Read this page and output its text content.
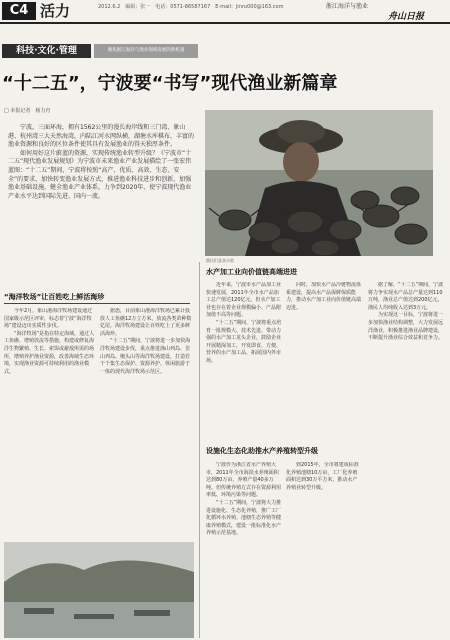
C4 活力	2012.6.2　编辑：张一　电话：0571-86587167　E-mail：jinru000@163.com	浙江海洋与渔业
舟山日报
科技·文化·管理	聚焦浙江海洋与渔业领域发展的新机遇
“十二五”，宁波要“书写”现代渔业新篇章
□ 本报记者　杨力舟

宁波，三面环海，拥有1562公里的漫长海岸线和三门湾、象山港、杭州湾三大天然海湾，内陆江河水网纵横，湖塘水库棋布，丰富的渔业资源和良好的区位条件使其具有发展渔业的得天独厚条件。

如何用好这片蔚蓝的资源，实现传统渔业转型升级？《宁波市“十二五”现代渔业发展规划》为宁波市未来渔业产业发展描绘了一张宏伟蓝图：“十二五”期间，宁波将按照“高产、优质、高效、生态、安全”的要求，加快转变渔业发展方式，推进渔业科技进步和创新，加强渔业基础设施，健全渔业产业体系，力争到2020年，使宁波现代渔业产业水平达到国际先进、国内一流。

渔民们喜获丰收
“海洋牧场”让百姓吃上鲜活海珍

今年2月，象山港海洋牧场建设通过国家级示范区评审，标志着宁波“海洋牧场”建设迈出实质性步伐。

“海洋牧场”是指在特定海域，通过人工鱼礁、增殖放流等措施，构建或修复海洋生物繁殖、生长、索饵或避敌所需的场所，增殖养护渔业资源，改善海域生态环境，实现渔业资源可持续利用的渔业模式。

据悉，目前象山港海洋牧场已累计投放人工鱼礁12万立方米，放流各类苗种数亿尾。海洋牧场建设让百姓吃上了更多鲜活海珍。

“十二五”期间，宁波将进一步加快海洋牧场建设步伐，重点推进渔山列岛、韭山列岛、檀头山等海洋牧场建设，打造若干个集生态保护、资源养护、休闲旅游于一体的现代海洋牧场示范区。

水产加工业向价值链高端进进

近年来，宁波市水产品加工业快速发展，2011年全市水产品加工总产值达120亿元。但水产加工业也存在着企业规模偏小、产品附加值不高等问题。

“十二五”期间，宁波将重点培育一批规模大、技术先进、带动力强的水产加工龙头企业，鼓励企业开展精深加工，开发即食、方便、营养的水产加工品，拓展国内外市场。

同时，加快水产品冷链物流体系建设，提高水产品保鲜保质能力，推动水产加工业向价值链高端迈进。

据了解，“十二五”期间，宁波将力争实现水产品总产量达到110万吨，渔业总产值达到200亿元，渔民人均纯收入达到3万元。

为实现这一目标，宁波将进一步加快渔业结构调整，大力发展远洋渔业，积极推进渔业品牌建设，不断提升渔业综合效益和竞争力。

设施化生态化助推水产养殖转型升级

宁波作为浙江省水产养殖大市，2011年全市海淡水养殖面积达到80万亩，养殖产量40多万吨。但传统养殖方式存在资源利用率低、环境污染等问题。

“十二五”期间，宁波将大力推进设施化、生态化养殖，推广工厂化循环水养殖、池塘生态养殖等健康养殖模式，建设一批标准化水产养殖示范基地。

到2015年，全市将建成标准化养殖池塘10万亩，工厂化养殖面积达到30万平方米，推动水产养殖业转型升级。
